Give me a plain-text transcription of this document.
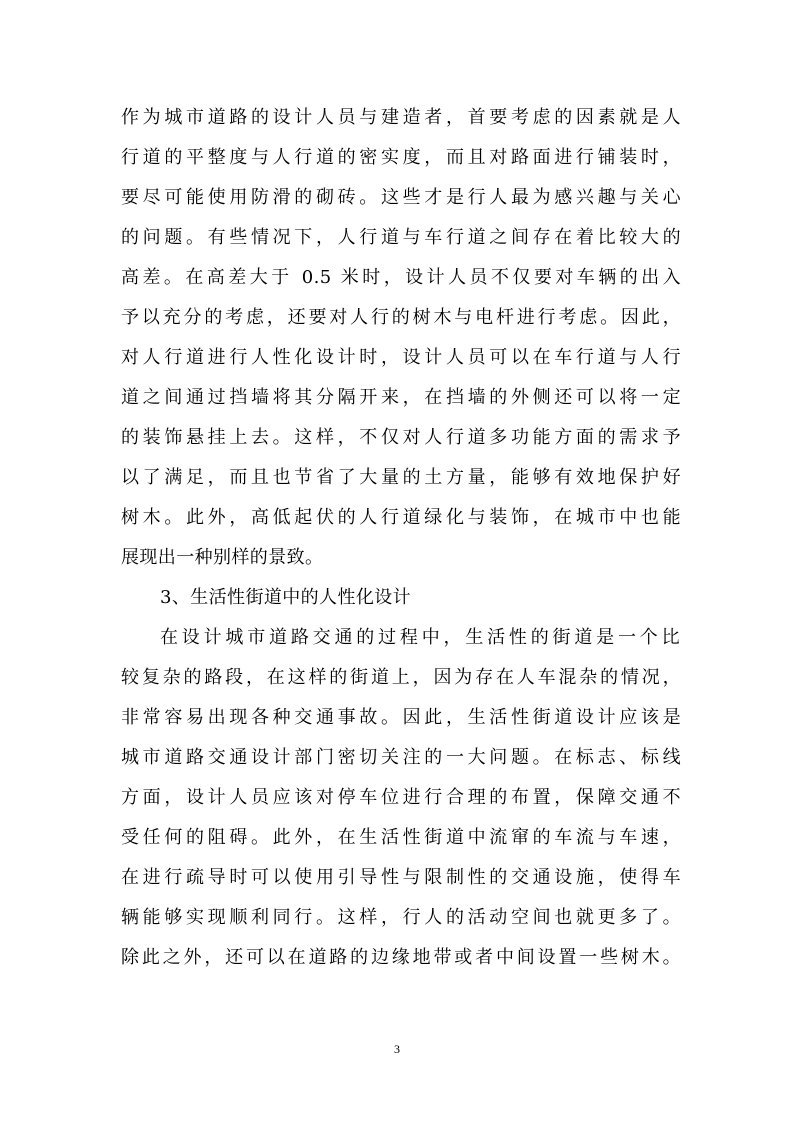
作为城市道路的设计人员与建造者，首要考虑的因素就是人
行道的平整度与人行道的密实度，而且对路面进行铺装时，
要尽可能使用防滑的砌砖。这些才是行人最为感兴趣与关心
的问题。有些情况下，人行道与车行道之间存在着比较大的
高差。在高差大于 0.5 米时，设计人员不仅要对车辆的出入
予以充分的考虑，还要对人行的树木与电杆进行考虑。因此，
对人行道进行人性化设计时，设计人员可以在车行道与人行
道之间通过挡墙将其分隔开来，在挡墙的外侧还可以将一定
的装饰悬挂上去。这样，不仅对人行道多功能方面的需求予
以了满足，而且也节省了大量的土方量，能够有效地保护好
树木。此外，高低起伏的人行道绿化与装饰，在城市中也能
展现出一种别样的景致。
3、生活性街道中的人性化设计
在设计城市道路交通的过程中，生活性的街道是一个比
较复杂的路段，在这样的街道上，因为存在人车混杂的情况，
非常容易出现各种交通事故。因此，生活性街道设计应该是
城市道路交通设计部门密切关注的一大问题。在标志、标线
方面，设计人员应该对停车位进行合理的布置，保障交通不
受任何的阻碍。此外，在生活性街道中流窜的车流与车速，
在进行疏导时可以使用引导性与限制性的交通设施，使得车
辆能够实现顺利同行。这样，行人的活动空间也就更多了。
除此之外，还可以在道路的边缘地带或者中间设置一些树木。
3
